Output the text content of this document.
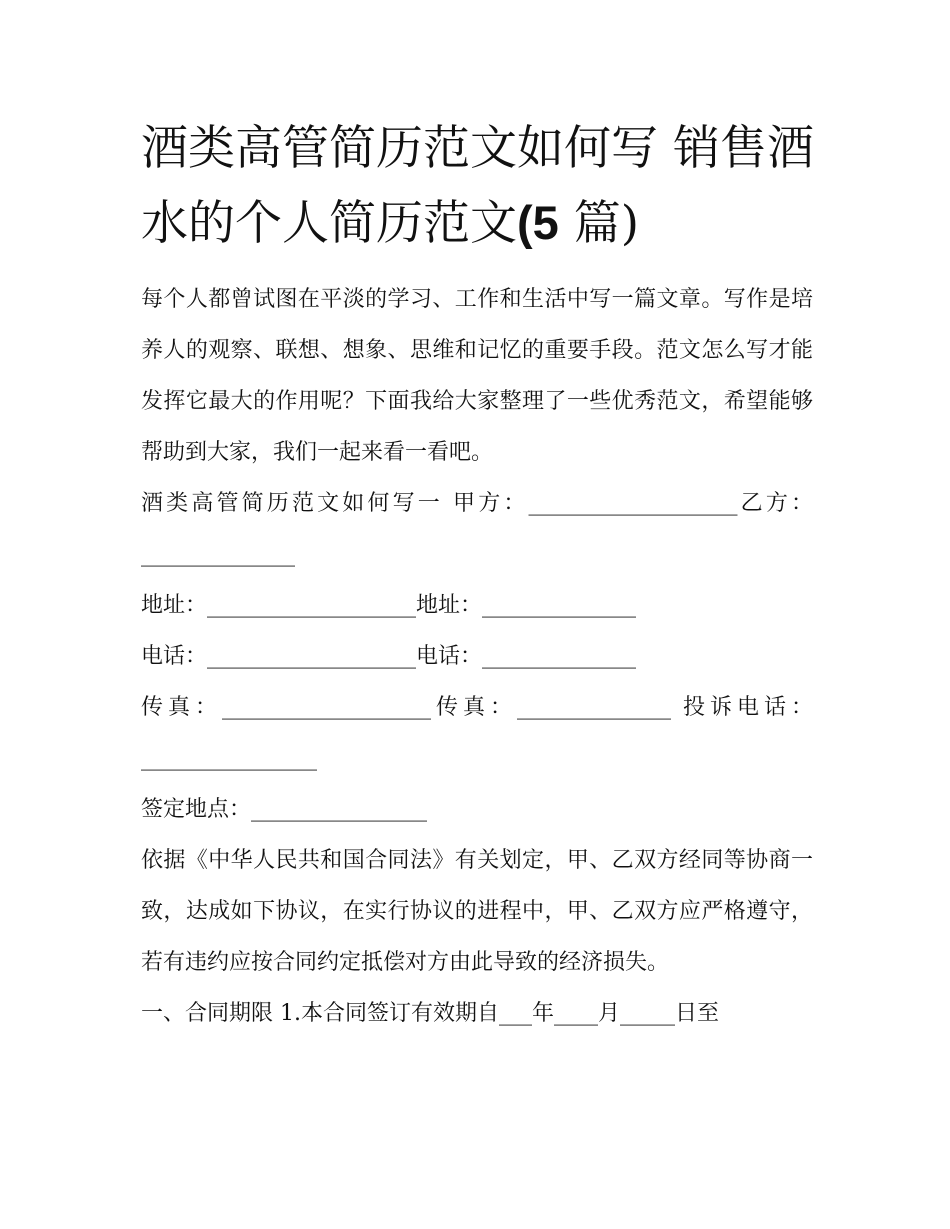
酒类高管简历范文如何写 销售酒水的个人简历范文(5 篇)

每个人都曾试图在平淡的学习、工作和生活中写一篇文章。写作是培养人的观察、联想、想象、思维和记忆的重要手段。范文怎么写才能发挥它最大的作用呢？下面我给大家整理了一些优秀范文，希望能够帮助到大家，我们一起来看一看吧。

酒类高管简历范文如何写一 甲方：___________________乙方：______________

地址：___________________地址：______________

电话：___________________电话：______________

传真：___________________传真：______________ 投诉电话：________________

签定地点：________________

依据《中华人民共和国合同法》有关划定，甲、乙双方经同等协商一致，达成如下协议，在实行协议的进程中，甲、乙双方应严格遵守，若有违约应按合同约定抵偿对方由此导致的经济损失。

一、合同期限 1.本合同签订有效期自___年____月_____日至
